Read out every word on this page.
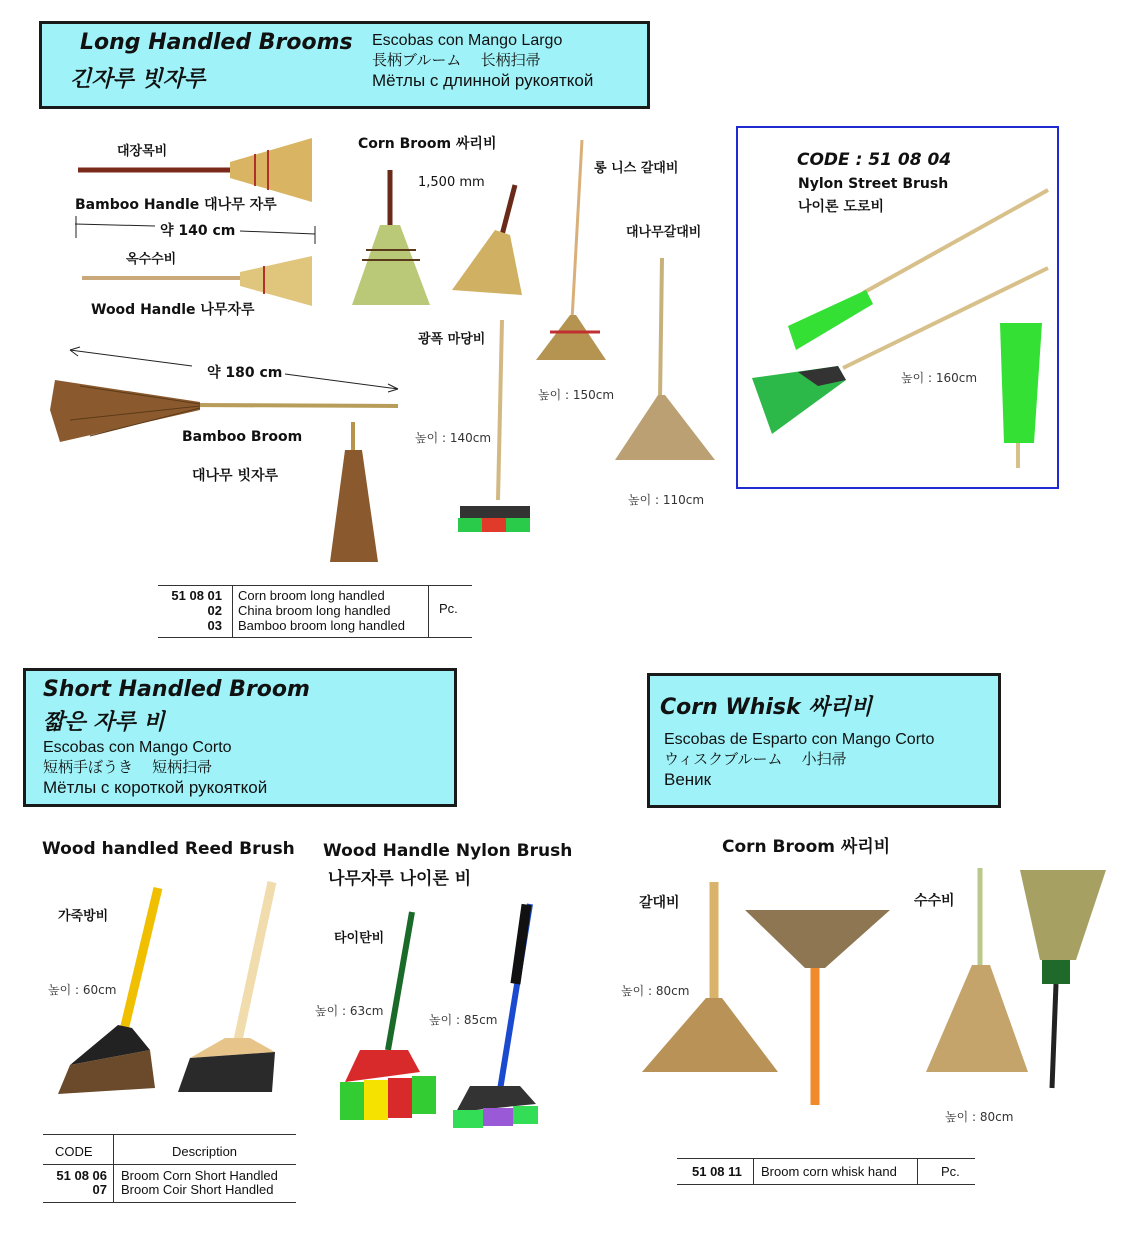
Long Handled Brooms
긴자루 빗자루
Escobas con Mango Largo
長柄ブルーム　 长柄扫帚
Мётлы с длинной рукояткой
대장목비
Bamboo Handle 대나무 자루
약 140 cm
옥수수비
Wood Handle 나무자루
약 180 cm
Bamboo Broom
대나무 빗자루
Corn Broom 싸리비
1,500 mm
광폭 마당비
높이 : 140cm
롱 니스 갈대비
높이 : 150cm
대나무갈대비
높이 : 110cm
CODE : 51 08 04
Nylon Street Brush
나이론 도로비
높이 : 160cm
51 08 01 Corn broom long handled
02 China broom long handled
03 Bamboo broom long handled
Pc.
Short Handled Broom
짧은 자루 비
Escobas con Mango Corto
短柄手ぼうき　 短柄扫帚
Мётлы с короткой рукояткой
Corn Whisk 싸리비
Escobas de Esparto con Mango Corto
ウィスクブルーム　 小扫帚
Веник
Wood handled Reed Brush
가죽방비
높이 : 60cm
Wood Handle Nylon Brush
나무자루 나이론 비
타이탄비
높이 : 63cm
높이 : 85cm
Corn Broom 싸리비
갈대비
높이 : 80cm
수수비
높이 : 80cm
CODE	Description
51 08 06 Broom Corn Short Handled
07 Broom Coir Short Handled
51 08 11 Broom corn whisk hand	Pc.
